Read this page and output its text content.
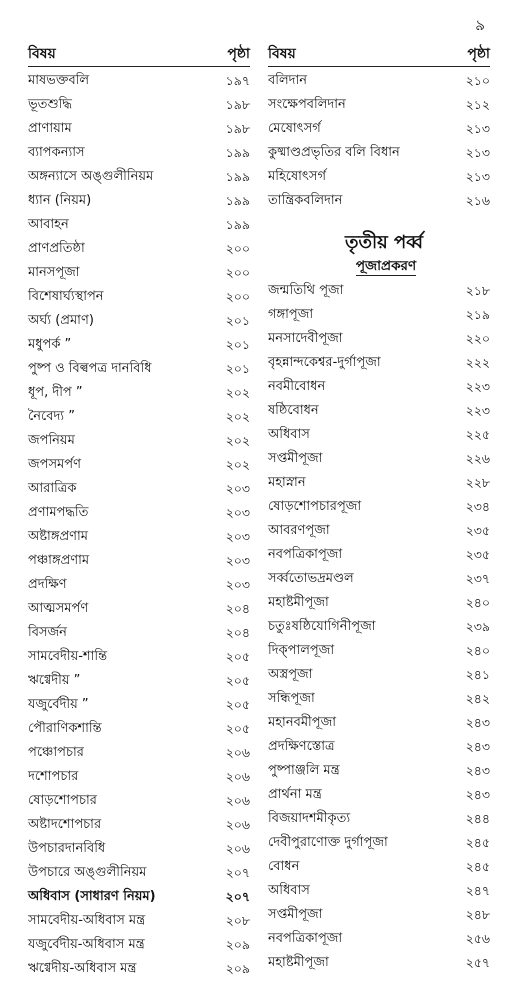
৯
বিষয়	পৃষ্ঠা
মাষভক্তবলি	১৯৭
ভূতশুদ্ধি	১৯৮
প্রাণায়াম	১৯৮
ব্যাপকন্যাস	১৯৯
অঙ্গন্যাসে অঙ্গুলীনিয়ম	১৯৯
ধ্যান (নিয়ম)	১৯৯
আবাহন	১৯৯
প্রাণপ্রতিষ্ঠা	২০০
মানসপূজা	২০০
বিশেষার্ঘ্যস্থাপন	২০০
অর্ঘ্য (প্রমাণ)	২০১
মধুপর্ক ”	২০১
পুষ্প ও বিল্বপত্র দানবিধি	২০১
ধূপ, দীপ ”	২০২
নৈবেদ্য ”	২০২
জপনিয়ম	২০২
জপসমর্পণ	২০২
আরাত্রিক	২০৩
প্রণামপদ্ধতি	২০৩
অষ্টাঙ্গপ্রণাম	২০৩
পঞ্চাঙ্গপ্রণাম	২০৩
প্রদক্ষিণ	২০৩
আত্মসমর্পণ	২০৪
বিসর্জন	২০৪
সামবেদীয়-শান্তি	২০৫
ঋগ্বেদীয় ”	২০৫
যজুর্বেদীয় ”	২০৫
পৌরাণিকশান্তি	২০৫
পঞ্চোপচার	২০৬
দশোপচার	২০৬
ষোড়শোপচার	২০৬
অষ্টাদশোপচার	২০৬
উপচারদানবিধি	২০৬
উপচারে অঙ্গুলীনিয়ম	২০৭
অধিবাস (সাধারণ নিয়ম)	২০৭
সামবেদীয়-অধিবাস মন্ত্র	২০৮
যজুর্বেদীয়-অধিবাস মন্ত্র	২০৯
ঋগ্বেদীয়-অধিবাস মন্ত্র	২০৯
বিষয়	পৃষ্ঠা
বলিদান	২১০
সংক্ষেপবলিদান	২১২
মেষোৎসর্গ	২১৩
কুষ্মাণ্ডপ্রভৃতির বলি বিধান	২১৩
মহিষোৎসর্গ	২১৩
তান্ত্রিকবলিদান	২১৬
তৃতীয় পর্ব্ব
পূজাপ্রকরণ
জন্মতিথি পূজা	২১৮
গঙ্গাপূজা	২১৯
মনসাদেবীপূজা	২২০
বৃহন্নান্দকেশ্বর-দুর্গাপূজা	২২২
নবমীবোধন	২২৩
ষষ্ঠিবোধন	২২৩
অধিবাস	২২৫
সপ্তমীপূজা	২২৬
মহাস্নান	২২৮
ষোড়শোপচারপূজা	২৩৪
আবরণপূজা	২৩৫
নবপত্রিকাপূজা	২৩৫
সর্ব্বতোভদ্রমণ্ডল	২৩৭
মহাষ্টমীপূজা	২৪০
চতুঃষষ্ঠিযোগিনীপূজা	২৩৯
দিক্‌পালপূজা	২৪০
অস্ত্রপূজা	২৪১
সন্ধিপূজা	২৪২
মহানবমীপূজা	২৪৩
প্রদক্ষিণস্তোত্র	২৪৩
পুষ্পাঞ্জলি মন্ত্র	২৪৩
প্রার্থনা মন্ত্র	২৪৩
বিজয়াদশমীকৃত্য	২৪৪
দেবীপুরাণোক্ত দুর্গাপূজা	২৪৫
বোধন	২৪৫
অধিবাস	২৪৭
সপ্তমীপূজা	২৪৮
নবপত্রিকাপূজা	২৫৬
মহাষ্টমীপূজা	২৫৭
